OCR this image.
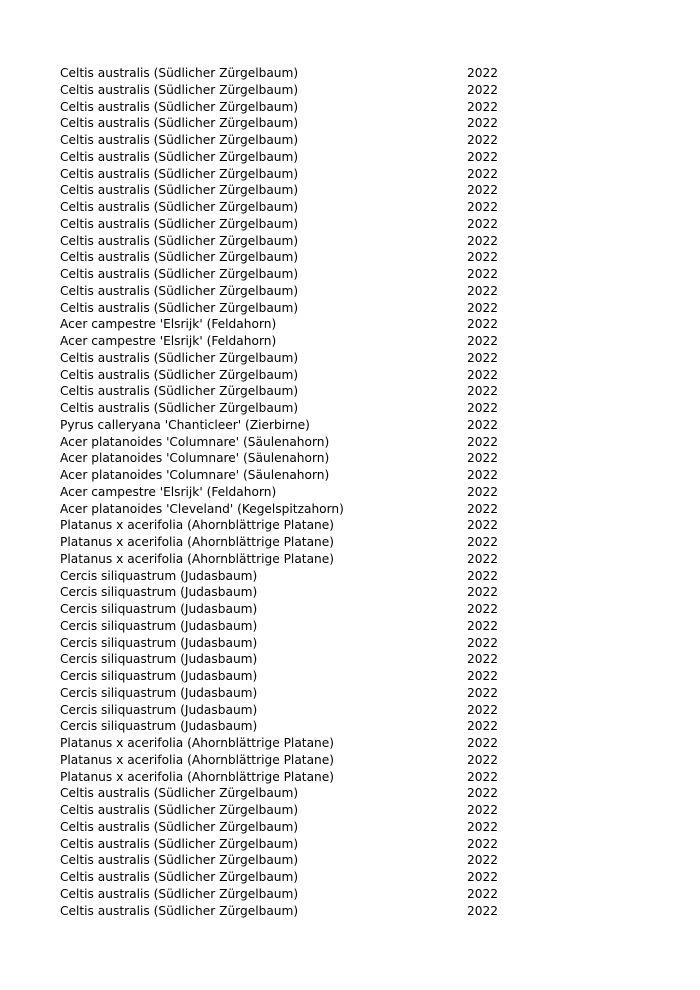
Celtis australis (Südlicher Zürgelbaum)	2022
Celtis australis (Südlicher Zürgelbaum)	2022
Celtis australis (Südlicher Zürgelbaum)	2022
Celtis australis (Südlicher Zürgelbaum)	2022
Celtis australis (Südlicher Zürgelbaum)	2022
Celtis australis (Südlicher Zürgelbaum)	2022
Celtis australis (Südlicher Zürgelbaum)	2022
Celtis australis (Südlicher Zürgelbaum)	2022
Celtis australis (Südlicher Zürgelbaum)	2022
Celtis australis (Südlicher Zürgelbaum)	2022
Celtis australis (Südlicher Zürgelbaum)	2022
Celtis australis (Südlicher Zürgelbaum)	2022
Celtis australis (Südlicher Zürgelbaum)	2022
Celtis australis (Südlicher Zürgelbaum)	2022
Celtis australis (Südlicher Zürgelbaum)	2022
Acer campestre 'Elsrijk' (Feldahorn)	2022
Acer campestre 'Elsrijk' (Feldahorn)	2022
Celtis australis (Südlicher Zürgelbaum)	2022
Celtis australis (Südlicher Zürgelbaum)	2022
Celtis australis (Südlicher Zürgelbaum)	2022
Celtis australis (Südlicher Zürgelbaum)	2022
Pyrus calleryana 'Chanticleer' (Zierbirne)	2022
Acer platanoides 'Columnare' (Säulenahorn)	2022
Acer platanoides 'Columnare' (Säulenahorn)	2022
Acer platanoides 'Columnare' (Säulenahorn)	2022
Acer campestre 'Elsrijk' (Feldahorn)	2022
Acer platanoides 'Cleveland' (Kegelspitzahorn)	2022
Platanus x acerifolia (Ahornblättrige Platane)	2022
Platanus x acerifolia (Ahornblättrige Platane)	2022
Platanus x acerifolia (Ahornblättrige Platane)	2022
Cercis siliquastrum (Judasbaum)	2022
Cercis siliquastrum (Judasbaum)	2022
Cercis siliquastrum (Judasbaum)	2022
Cercis siliquastrum (Judasbaum)	2022
Cercis siliquastrum (Judasbaum)	2022
Cercis siliquastrum (Judasbaum)	2022
Cercis siliquastrum (Judasbaum)	2022
Cercis siliquastrum (Judasbaum)	2022
Cercis siliquastrum (Judasbaum)	2022
Cercis siliquastrum (Judasbaum)	2022
Platanus x acerifolia (Ahornblättrige Platane)	2022
Platanus x acerifolia (Ahornblättrige Platane)	2022
Platanus x acerifolia (Ahornblättrige Platane)	2022
Celtis australis (Südlicher Zürgelbaum)	2022
Celtis australis (Südlicher Zürgelbaum)	2022
Celtis australis (Südlicher Zürgelbaum)	2022
Celtis australis (Südlicher Zürgelbaum)	2022
Celtis australis (Südlicher Zürgelbaum)	2022
Celtis australis (Südlicher Zürgelbaum)	2022
Celtis australis (Südlicher Zürgelbaum)	2022
Celtis australis (Südlicher Zürgelbaum)	2022
